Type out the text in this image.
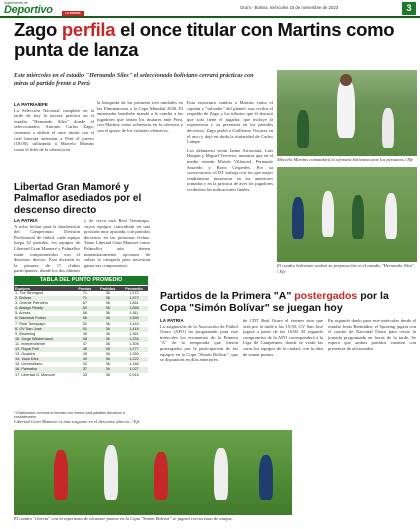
Suplemento de
Deportivo	LA PATRIA
Oruro - Bolivia, miércoles 15 de noviembre de 2023	3
Zago perfila el once titular con Martins como punta de lanza
Este miércoles en el estadio "Hernando Siles" el seleccionado boliviano cerrará prácticas con miras al partido frente a Perú
LA PATRIA/EFE
La Selección Nacional completó en la tarde de hoy la tercera práctica en el estadio "Hernando Siles" donde el seleccionador, Antonio Carlos Zago, comenzó a definir el once titular con el cual buscará enfrentar a Perú el jueves (18:00), utilizando a Marcelo Martins como el líder de la ofensiva en
la búsqueda de las primeras tres unidades en las Eliminatorias a la Copa Mundial 2026. El entrenador brasileño mandó a la cancha a los jugadores que serían los titulares ante Perú, con Martins como referencia en la ofensiva y con el apoyo de los volantes ofensivos.
Esta estructura cambia a Martins como el capitán y "salvador" del plantel, tras recibir el respaldo de Zago y los tributos que él destacó que solo tiene el jugador, que incluye la experiencia y su presencia en los partidos decisivos. Zago probó a Guillermo Viscarra en el arco y dejó en duda la titularidad de Carlos Lampe.
Los delanteros serán Jaime Arrascaita, Luis Haquin y Miguel Terceros, mientras que en el medio estarán Moisés Villarroel, Fernando Saucedo y Boris Céspedes. Por su convocatoria, el DT trabaja con los que mejor rendimiento mostraron en las anteriores jornadas y en la práctica de ayer los jugadores recibieron las indicaciones finales.
Marcelo Martins comandará la ofensiva boliviana ante los peruanos./ Efe
El cuadro boliviano realizó su preparación en el estadio "Hernando Siles". / Efe
Libertad Gran Mamoré y Palmaflor asediados por el descenso directo
LA PATRIA
A ocho fechas para la finalización del Campeonato División Profesional de fútbol, cada equipo juega 32 partidos, los equipos de Libertad Gran Mamoré y Palmaflor están comprometidos con el descenso directo. Esta división es la primera de 17 clubes participantes, donde los dos últimos
y de cerca está Real Tomayapo, cuyos equipos coincidirán en una posición muy ajustada, con partidos decisivos en las próximas fechas. Tanto Libertad Gran Mamoré como Palmaflor aún tienen matemáticamente opciones de salvar la categoría pero necesitan ganar sus compromisos.
TABLA DEL PUNTO PROMEDIO
Equipos	Puntos	Partidos	Promedio
1. The Strongest	71	36	1,972
2. Bolívar	71	36	1,972
3. Oriente Petrolero	67	36	1,861
4. Always Ready	60	36	1,666
5. Aurora	58	36	1,611
6. Nacional Potosí	56	36	1,555
7. Real Tomayapo	52	36	1,444
8. GV San José	51	36	1,416
9. Blooming	49	36	1,361
10. Jorge Wilstermann	48	36	1,333
11. Independiente	47	36	1,305
12. Royal Pari	46	36	1,277
13. Guabirá	45	36	1,250
14. Vaca Díez	44	36	1,222
15. Universitario	42	36	1,166
16. Palmaflor	37	36	1,027
17. Libertad G. Mamoré	33	36	0,916
* Elaboración correcta el formato con menos seis partidos decisivos a consideración
Partidos de la Primera "A" postergados por la Copa "Simón Bolívar" se juegan hoy
LA PATRIA
La asignación de la Asociación de Fútbol Oruro (AFO) ha programado para este miércoles los encuentros de la Primera "A" de la temporada que fueron postergados por la participación de los equipos en la Copa "Simón Bolívar", que se disputaron en días anteriores.
de CDT Real Oruro el viernes sino que será por la tarde a las 15:30, GV San José jugará a partir de las 16:00. El segundo compromiso de la AFO corresponderá a la Liga de Campeones, donde se verán las caras los equipos de la ciudad, con la idea de sumar puntos.
En segundo duelo para este miércoles desde el estadio Jesús Bermúdez, el Sporting jugará con el cuadro de Nacional Oruro para cerrar la jornada programada en horas de la tarde. Se espera que ambos partidos cuenten con presencia de aficionados.
Libertad Gran Mamoré es más exigente en el descenso directo. / Efe
El cuadro "chiveta" con la esperanza de alcanzar puntos en la Copa "Simón Bolívar" se jugará con su zona de ataque.
